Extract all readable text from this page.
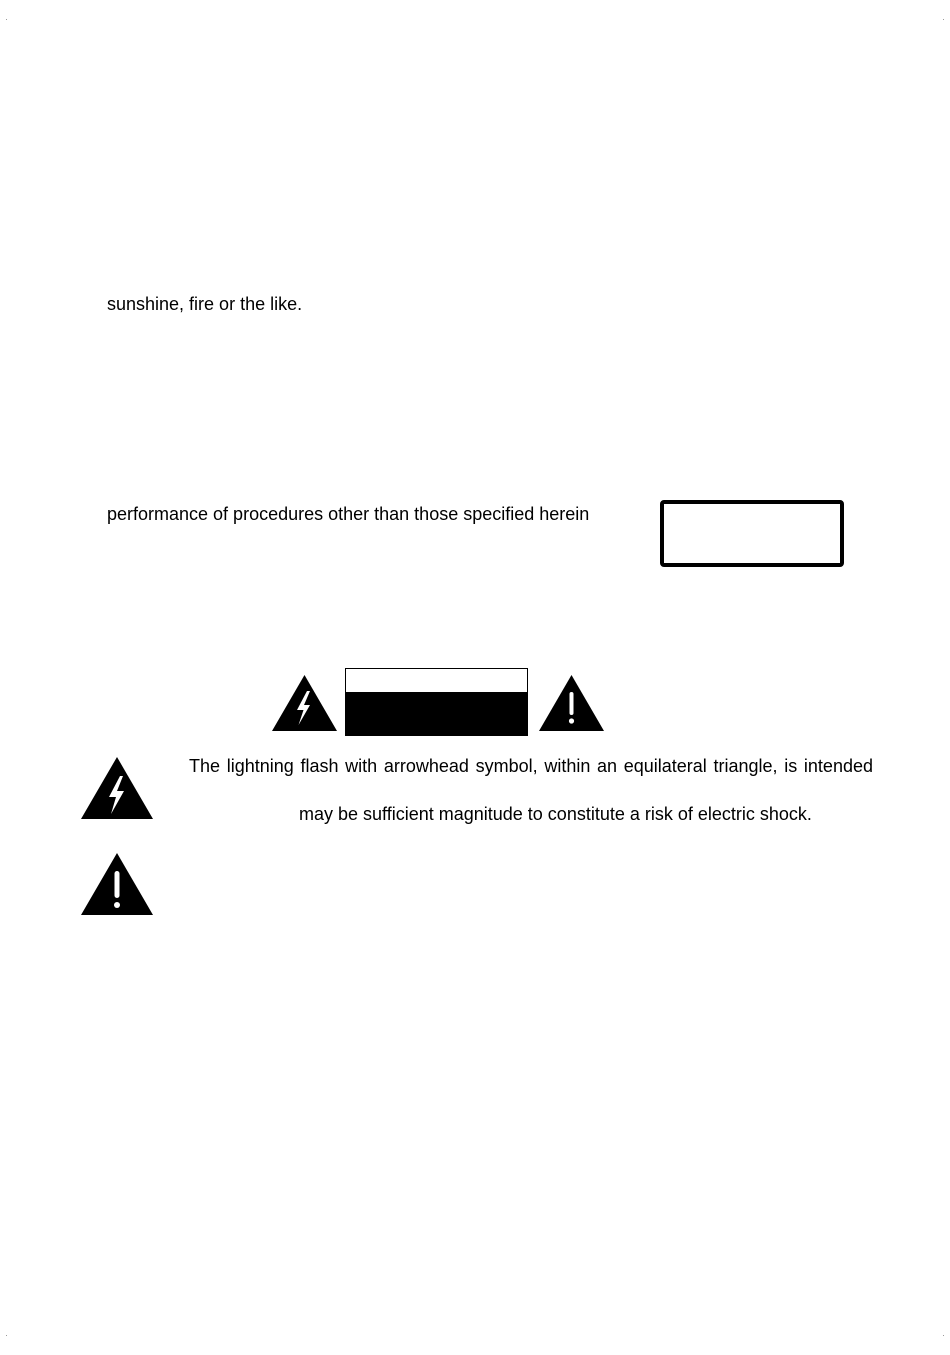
sunshine, fire or the like.

performance of procedures other than those specified herein

The lightning flash with arrowhead symbol, within an equilateral triangle, is intended

may be sufficient magnitude to constitute a risk of electric shock.
